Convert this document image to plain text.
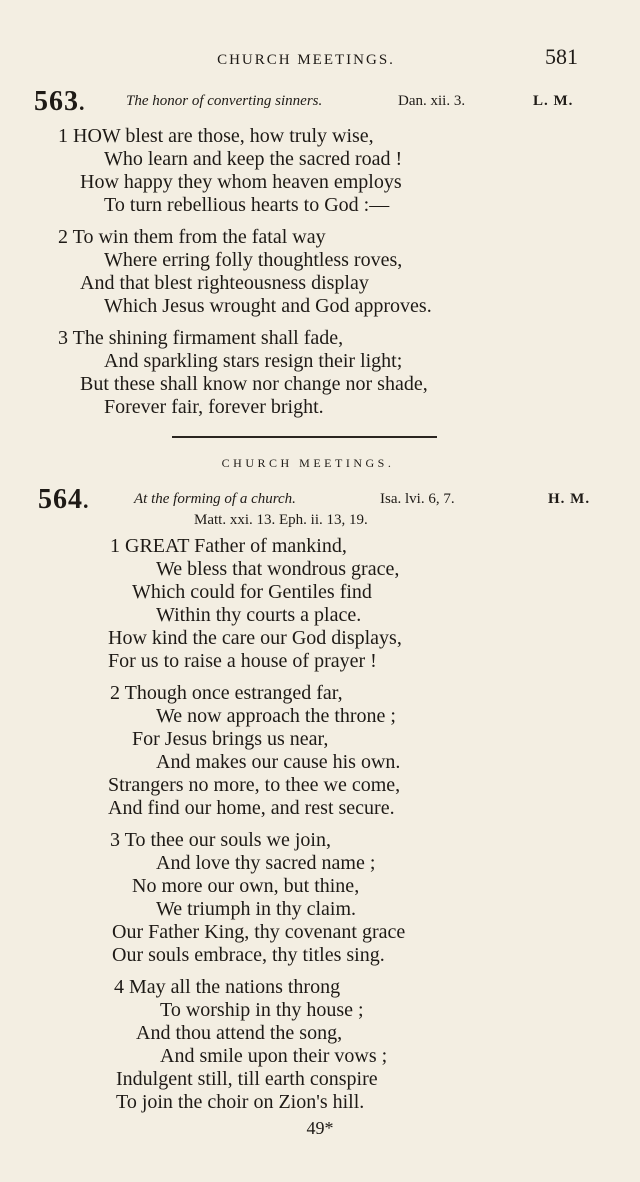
CHURCH MEETINGS.	581
563.	The honor of converting sinners.	Dan. xii. 3.	L. M.
1 HOW blest are those, how truly wise,
Who learn and keep the sacred road !
How happy they whom heaven employs
To turn rebellious hearts to God :—
2 To win them from the fatal way
Where erring folly thoughtless roves,
And that blest righteousness display
Which Jesus wrought and God approves.
3 The shining firmament shall fade,
And sparkling stars resign their light;
But these shall know nor change nor shade,
Forever fair, forever bright.
CHURCH MEETINGS.
564.	At the forming of a church.	Isa. lvi. 6, 7.	H. M.
Matt. xxi. 13. Eph. ii. 13, 19.
1 GREAT Father of mankind,
We bless that wondrous grace,
Which could for Gentiles find
Within thy courts a place.
How kind the care our God displays,
For us to raise a house of prayer !
2 Though once estranged far,
We now approach the throne ;
For Jesus brings us near,
And makes our cause his own.
Strangers no more, to thee we come,
And find our home, and rest secure.
3 To thee our souls we join,
And love thy sacred name ;
No more our own, but thine,
We triumph in thy claim.
Our Father King, thy covenant grace
Our souls embrace, thy titles sing.
4 May all the nations throng
To worship in thy house ;
And thou attend the song,
And smile upon their vows ;
Indulgent still, till earth conspire
To join the choir on Zion's hill.
49*
